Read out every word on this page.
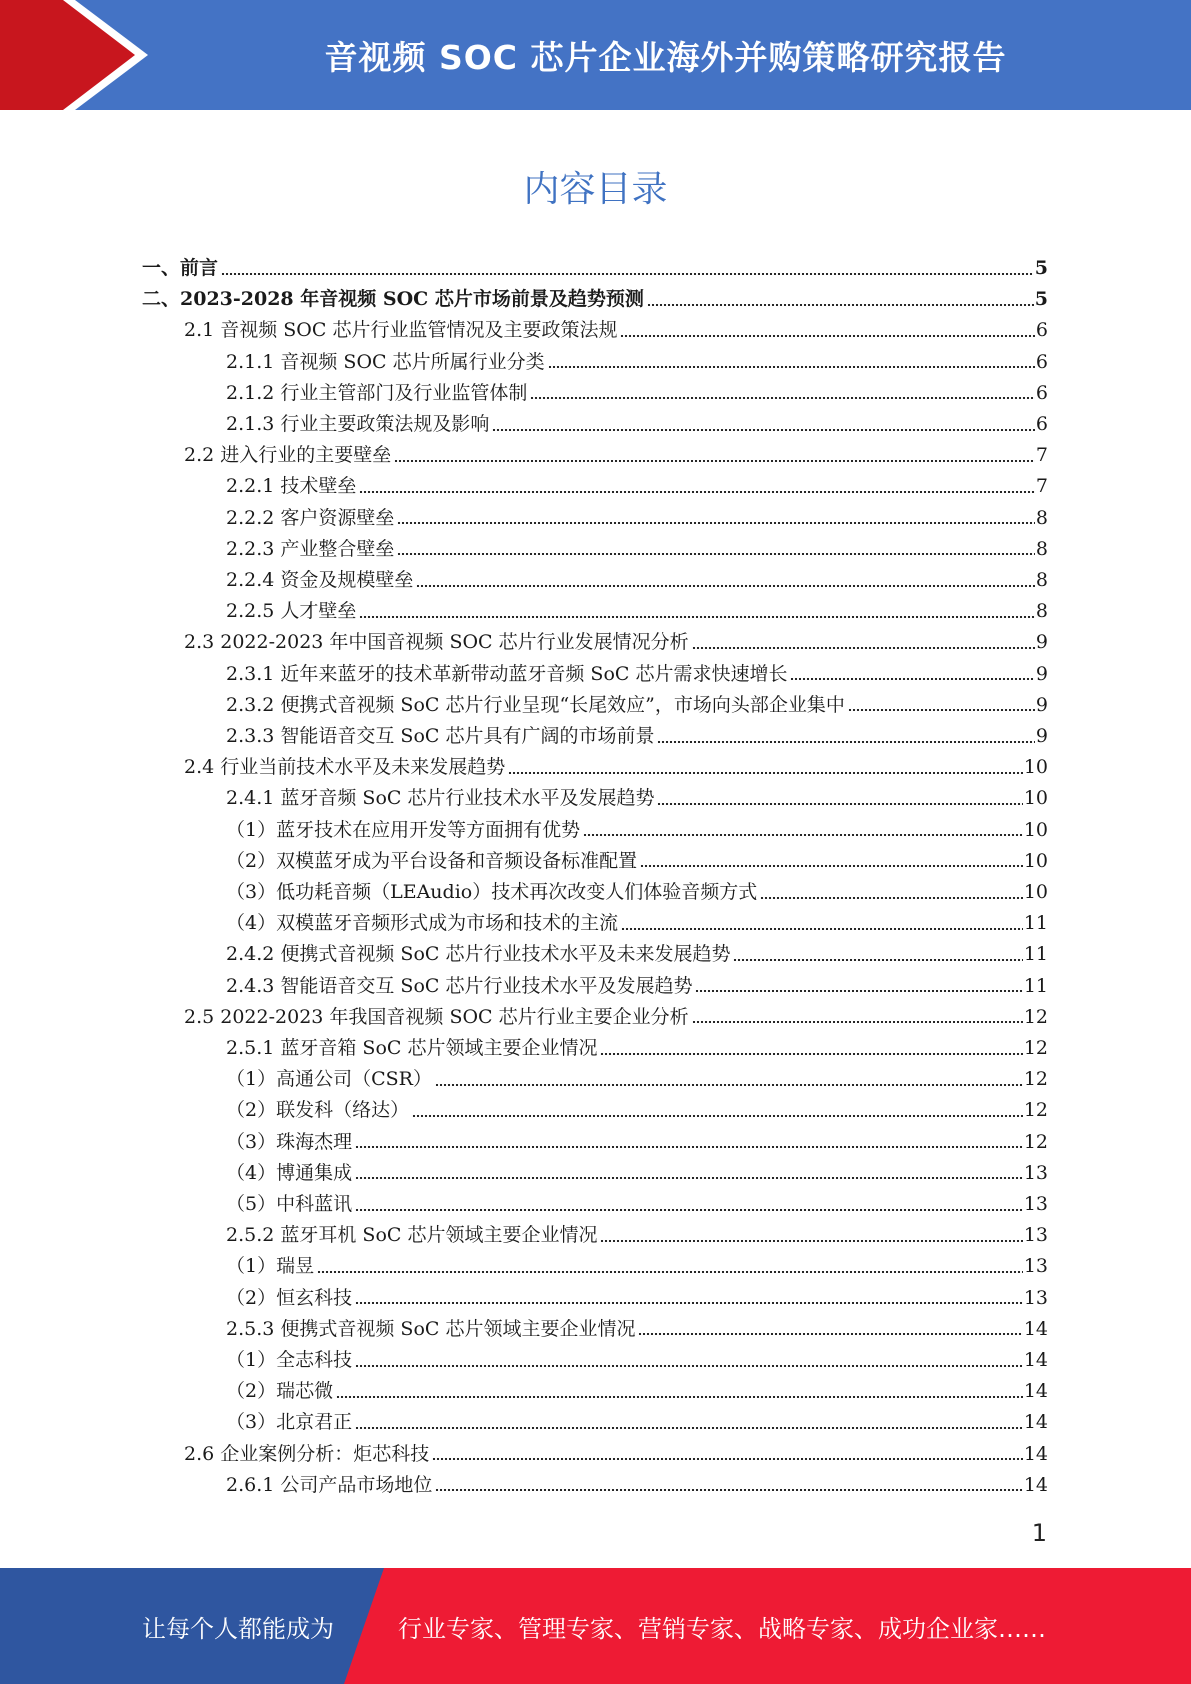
音视频 SOC 芯片企业海外并购策略研究报告
内容目录
一、前言	5
二、2023-2028 年音视频 SOC 芯片市场前景及趋势预测	5
2.1 音视频 SOC 芯片行业监管情况及主要政策法规	6
2.1.1 音视频 SOC 芯片所属行业分类	6
2.1.2 行业主管部门及行业监管体制	6
2.1.3 行业主要政策法规及影响	6
2.2 进入行业的主要壁垒	7
2.2.1 技术壁垒	7
2.2.2 客户资源壁垒	8
2.2.3 产业整合壁垒	8
2.2.4 资金及规模壁垒	8
2.2.5 人才壁垒	8
2.3 2022-2023 年中国音视频 SOC 芯片行业发展情况分析	9
2.3.1 近年来蓝牙的技术革新带动蓝牙音频 SoC 芯片需求快速增长	9
2.3.2 便携式音视频 SoC 芯片行业呈现“长尾效应”，市场向头部企业集中	9
2.3.3 智能语音交互 SoC 芯片具有广阔的市场前景	9
2.4 行业当前技术水平及未来发展趋势	10
2.4.1 蓝牙音频 SoC 芯片行业技术水平及发展趋势	10
（1）蓝牙技术在应用开发等方面拥有优势	10
（2）双模蓝牙成为平台设备和音频设备标准配置	10
（3）低功耗音频（LEAudio）技术再次改变人们体验音频方式	10
（4）双模蓝牙音频形式成为市场和技术的主流	11
2.4.2 便携式音视频 SoC 芯片行业技术水平及未来发展趋势	11
2.4.3 智能语音交互 SoC 芯片行业技术水平及发展趋势	11
2.5 2022-2023 年我国音视频 SOC 芯片行业主要企业分析	12
2.5.1 蓝牙音箱 SoC 芯片领域主要企业情况	12
（1）高通公司（CSR）	12
（2）联发科（络达）	12
（3）珠海杰理	12
（4）博通集成	13
（5）中科蓝讯	13
2.5.2 蓝牙耳机 SoC 芯片领域主要企业情况	13
（1）瑞昱	13
（2）恒玄科技	13
2.5.3 便携式音视频 SoC 芯片领域主要企业情况	14
（1）全志科技	14
（2）瑞芯微	14
（3）北京君正	14
2.6 企业案例分析：炬芯科技	14
2.6.1 公司产品市场地位	14
1
让每个人都能成为	行业专家、管理专家、营销专家、战略专家、成功企业家……
